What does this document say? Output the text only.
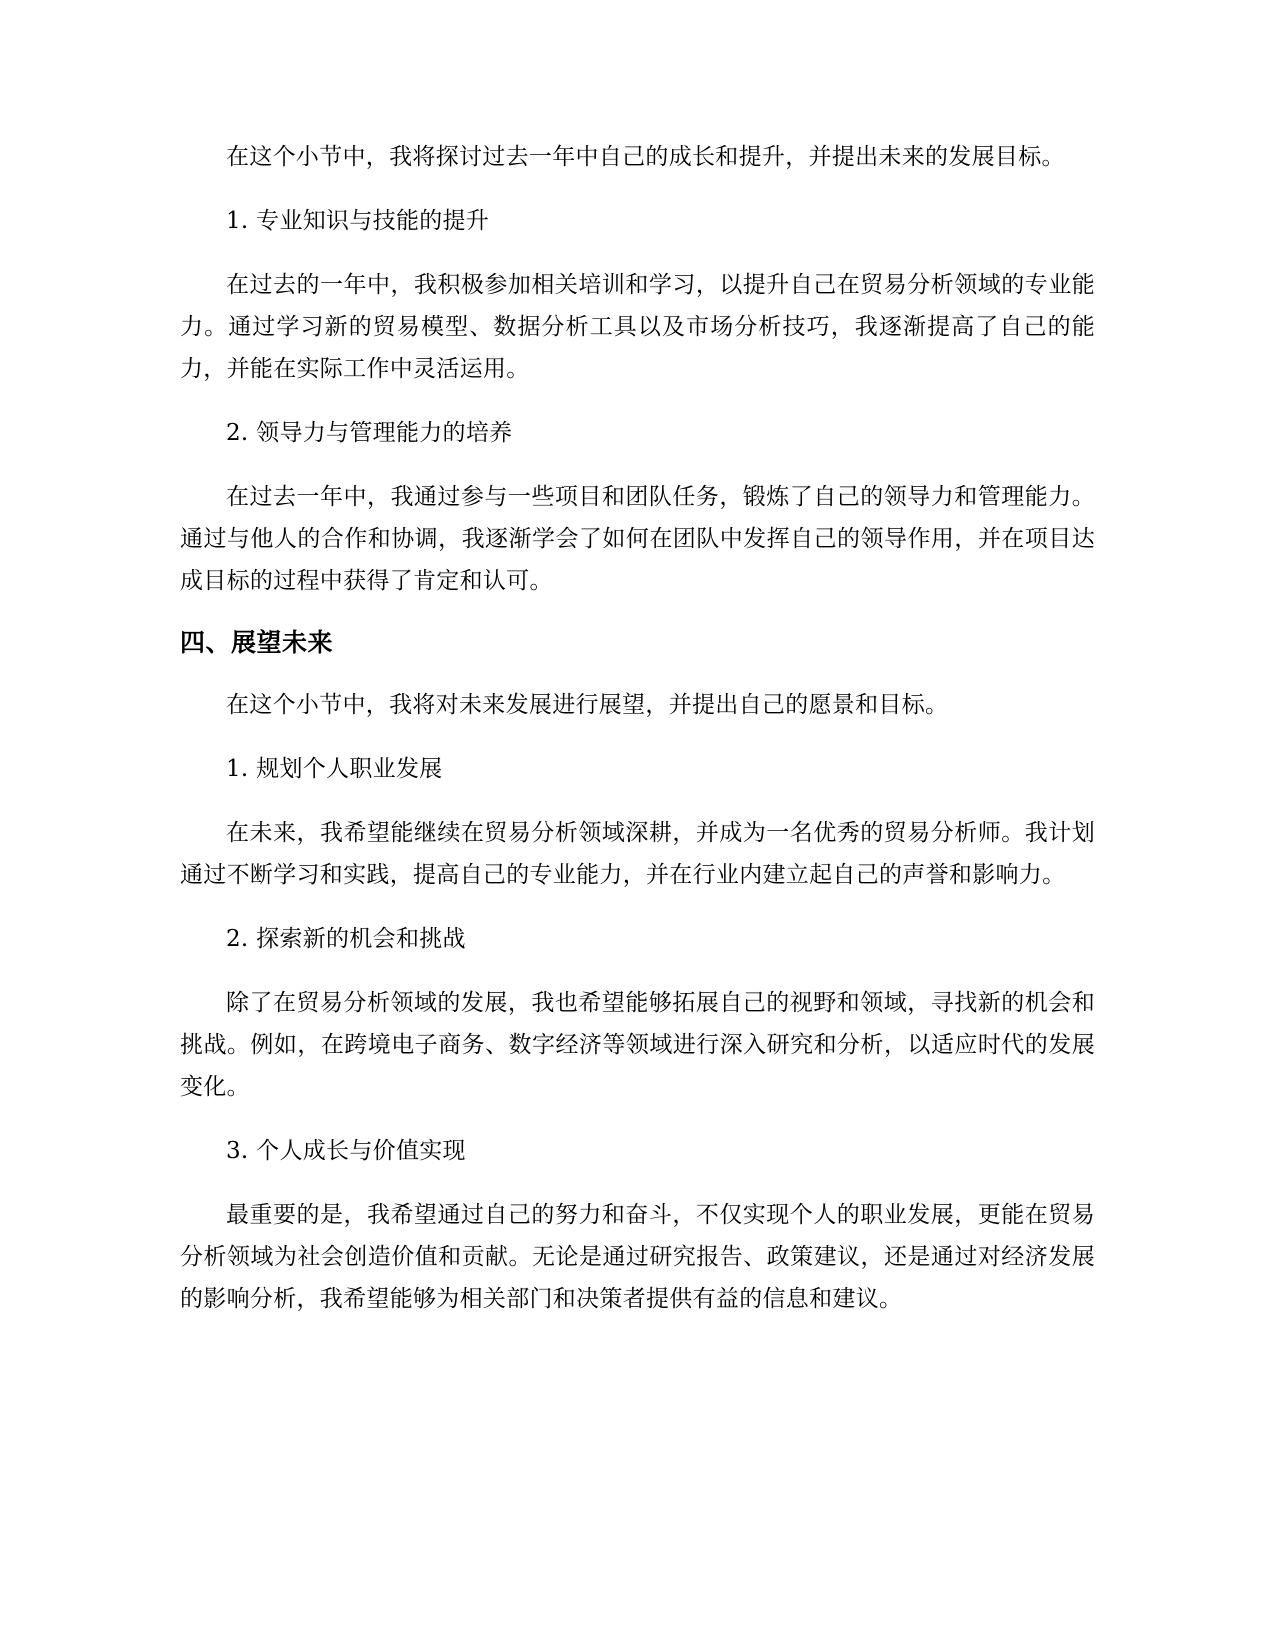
在这个小节中，我将探讨过去一年中自己的成长和提升，并提出未来的发展目标。

1. 专业知识与技能的提升

在过去的一年中，我积极参加相关培训和学习，以提升自己在贸易分析领域的专业能力。通过学习新的贸易模型、数据分析工具以及市场分析技巧，我逐渐提高了自己的能力，并能在实际工作中灵活运用。

2. 领导力与管理能力的培养

在过去一年中，我通过参与一些项目和团队任务，锻炼了自己的领导力和管理能力。通过与他人的合作和协调，我逐渐学会了如何在团队中发挥自己的领导作用，并在项目达成目标的过程中获得了肯定和认可。

四、展望未来

在这个小节中，我将对未来发展进行展望，并提出自己的愿景和目标。

1. 规划个人职业发展

在未来，我希望能继续在贸易分析领域深耕，并成为一名优秀的贸易分析师。我计划通过不断学习和实践，提高自己的专业能力，并在行业内建立起自己的声誉和影响力。

2. 探索新的机会和挑战

除了在贸易分析领域的发展，我也希望能够拓展自己的视野和领域，寻找新的机会和挑战。例如，在跨境电子商务、数字经济等领域进行深入研究和分析，以适应时代的发展变化。

3. 个人成长与价值实现

最重要的是，我希望通过自己的努力和奋斗，不仅实现个人的职业发展，更能在贸易分析领域为社会创造价值和贡献。无论是通过研究报告、政策建议，还是通过对经济发展的影响分析，我希望能够为相关部门和决策者提供有益的信息和建议。
